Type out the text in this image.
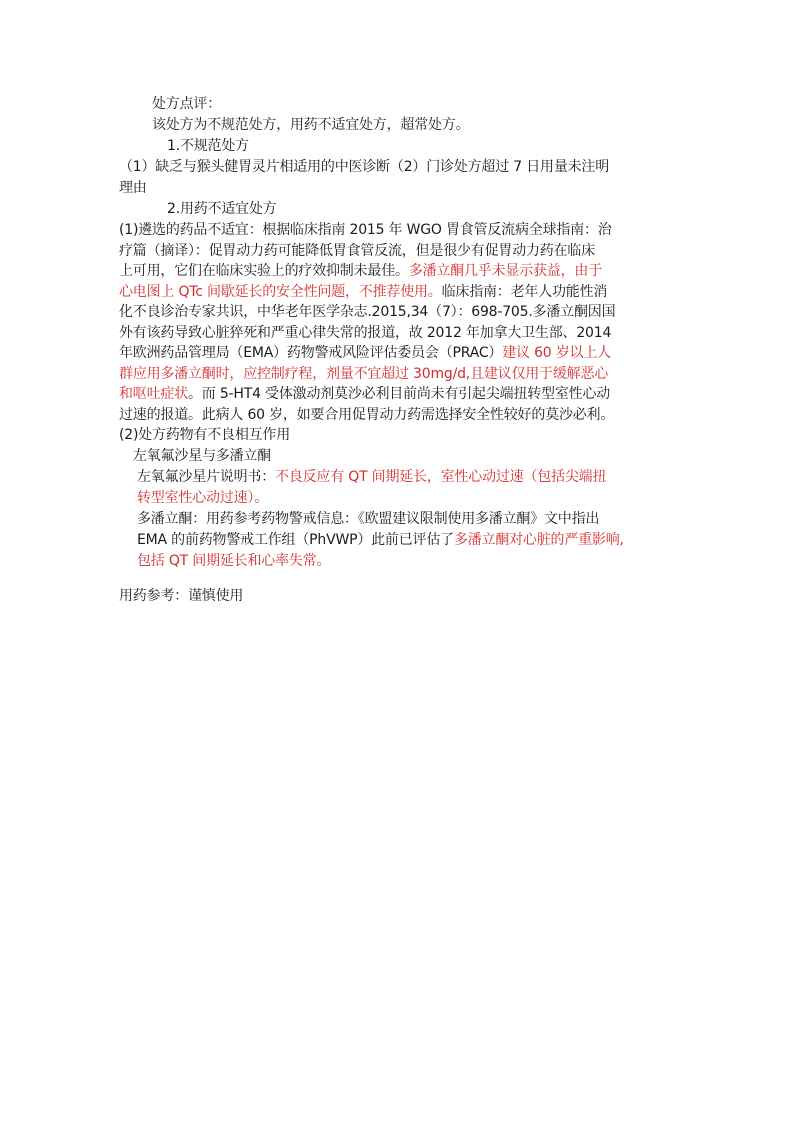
处方点评：
该处方为不规范处方，用药不适宜处方，超常处方。
1.不规范处方
（1）缺乏与猴头健胃灵片相适用的中医诊断（2）门诊处方超过 7 日用量未注明
理由
2.用药不适宜处方
(1)遴选的药品不适宜：根据临床指南 2015 年 WGO 胃食管反流病全球指南：治
疗篇（摘译）：促胃动力药可能降低胃食管反流，但是很少有促胃动力药在临床
上可用，它们在临床实验上的疗效抑制未最佳。多潘立酮几乎未显示获益，由于
心电图上 QTc 间歇延长的安全性问题，不推荐使用。临床指南：老年人功能性消
化不良诊治专家共识，中华老年医学杂志.2015,34（7）：698-705.多潘立酮因国
外有该药导致心脏猝死和严重心律失常的报道，故 2012 年加拿大卫生部、2014
年欧洲药品管理局（EMA）药物警戒风险评估委员会（PRAC）建议 60 岁以上人
群应用多潘立酮时，应控制疗程，剂量不宜超过 30mg/d,且建议仅用于缓解恶心
和呕吐症状。而 5-HT4 受体激动剂莫沙必利目前尚未有引起尖端扭转型室性心动
过速的报道。此病人 60 岁，如要合用促胃动力药需选择安全性较好的莫沙必利。
(2)处方药物有不良相互作用
左氧氟沙星与多潘立酮
左氧氟沙星片说明书：不良反应有 QT 间期延长，室性心动过速（包括尖端扭
转型室性心动过速）。
多潘立酮：用药参考药物警戒信息：《欧盟建议限制使用多潘立酮》文中指出
EMA 的前药物警戒工作组（PhVWP）此前已评估了多潘立酮对心脏的严重影响,
包括 QT 间期延长和心率失常。
用药参考：谨慎使用
